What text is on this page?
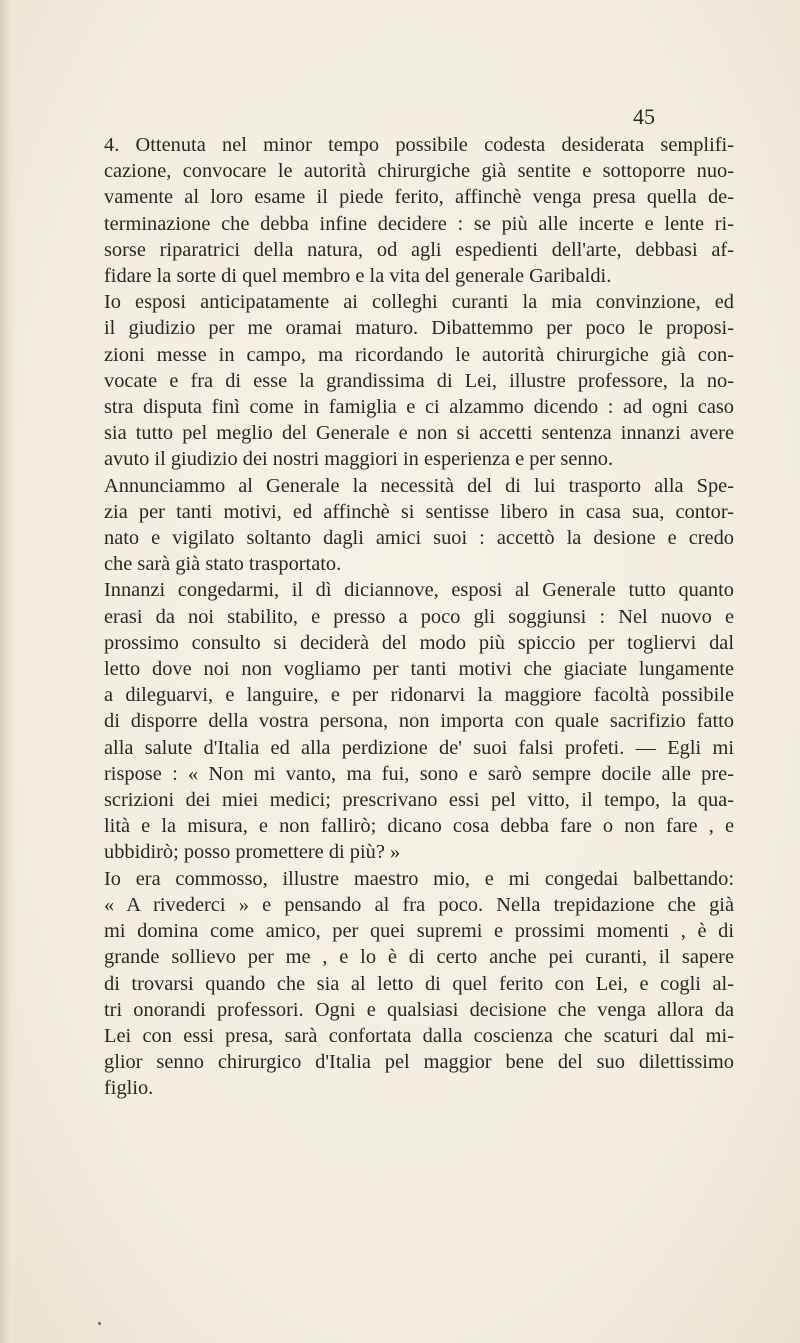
45
4. Ottenuta nel minor tempo possibile codesta desiderata semplifi-
cazione, convocare le autorità chirurgiche già sentite e sottoporre nuo-
vamente al loro esame il piede ferito, affinchè venga presa quella de-
terminazione che debba infine decidere : se più alle incerte e lente ri-
sorse riparatrici della natura, od agli espedienti dell'arte, debbasi af-
fidare la sorte di quel membro e la vita del generale Garibaldi.
Io esposi anticipatamente ai colleghi curanti la mia convinzione, ed
il giudizio per me oramai maturo. Dibattemmo per poco le proposi-
zioni messe in campo, ma ricordando le autorità chirurgiche già con-
vocate e fra di esse la grandissima di Lei, illustre professore, la no-
stra disputa finì come in famiglia e ci alzammo dicendo : ad ogni caso
sia tutto pel meglio del Generale e non si accetti sentenza innanzi avere
avuto il giudizio dei nostri maggiori in esperienza e per senno.
Annunciammo al Generale la necessità del di lui trasporto alla Spe-
zia per tanti motivi, ed affinchè si sentisse libero in casa sua, contor-
nato e vigilato soltanto dagli amici suoi : accettò la desione e credo
che sarà già stato trasportato.
Innanzi congedarmi, il dì diciannove, esposi al Generale tutto quanto
erasi da noi stabilito, e presso a poco gli soggiunsi : Nel nuovo e
prossimo consulto si deciderà del modo più spiccio per togliervi dal
letto dove noi non vogliamo per tanti motivi che giaciate lungamente
a dileguarvi, e languire, e per ridonarvi la maggiore facoltà possibile
di disporre della vostra persona, non importa con quale sacrifizio fatto
alla salute d'Italia ed alla perdizione de' suoi falsi profeti. — Egli mi
rispose : « Non mi vanto, ma fui, sono e sarò sempre docile alle pre-
scrizioni dei miei medici; prescrivano essi pel vitto, il tempo, la qua-
lità e la misura, e non fallirò; dicano cosa debba fare o non fare , e
ubbidirò; posso promettere di più? »
Io era commosso, illustre maestro mio, e mi congedai balbettando:
« A rivederci » e pensando al fra poco. Nella trepidazione che già
mi domina come amico, per quei supremi e prossimi momenti , è di
grande sollievo per me , e lo è di certo anche pei curanti, il sapere
di trovarsi quando che sia al letto di quel ferito con Lei, e cogli al-
tri onorandi professori. Ogni e qualsiasi decisione che venga allora da
Lei con essi presa, sarà confortata dalla coscienza che scaturi dal mi-
glior senno chirurgico d'Italia pel maggior bene del suo dilettissimo
figlio.
